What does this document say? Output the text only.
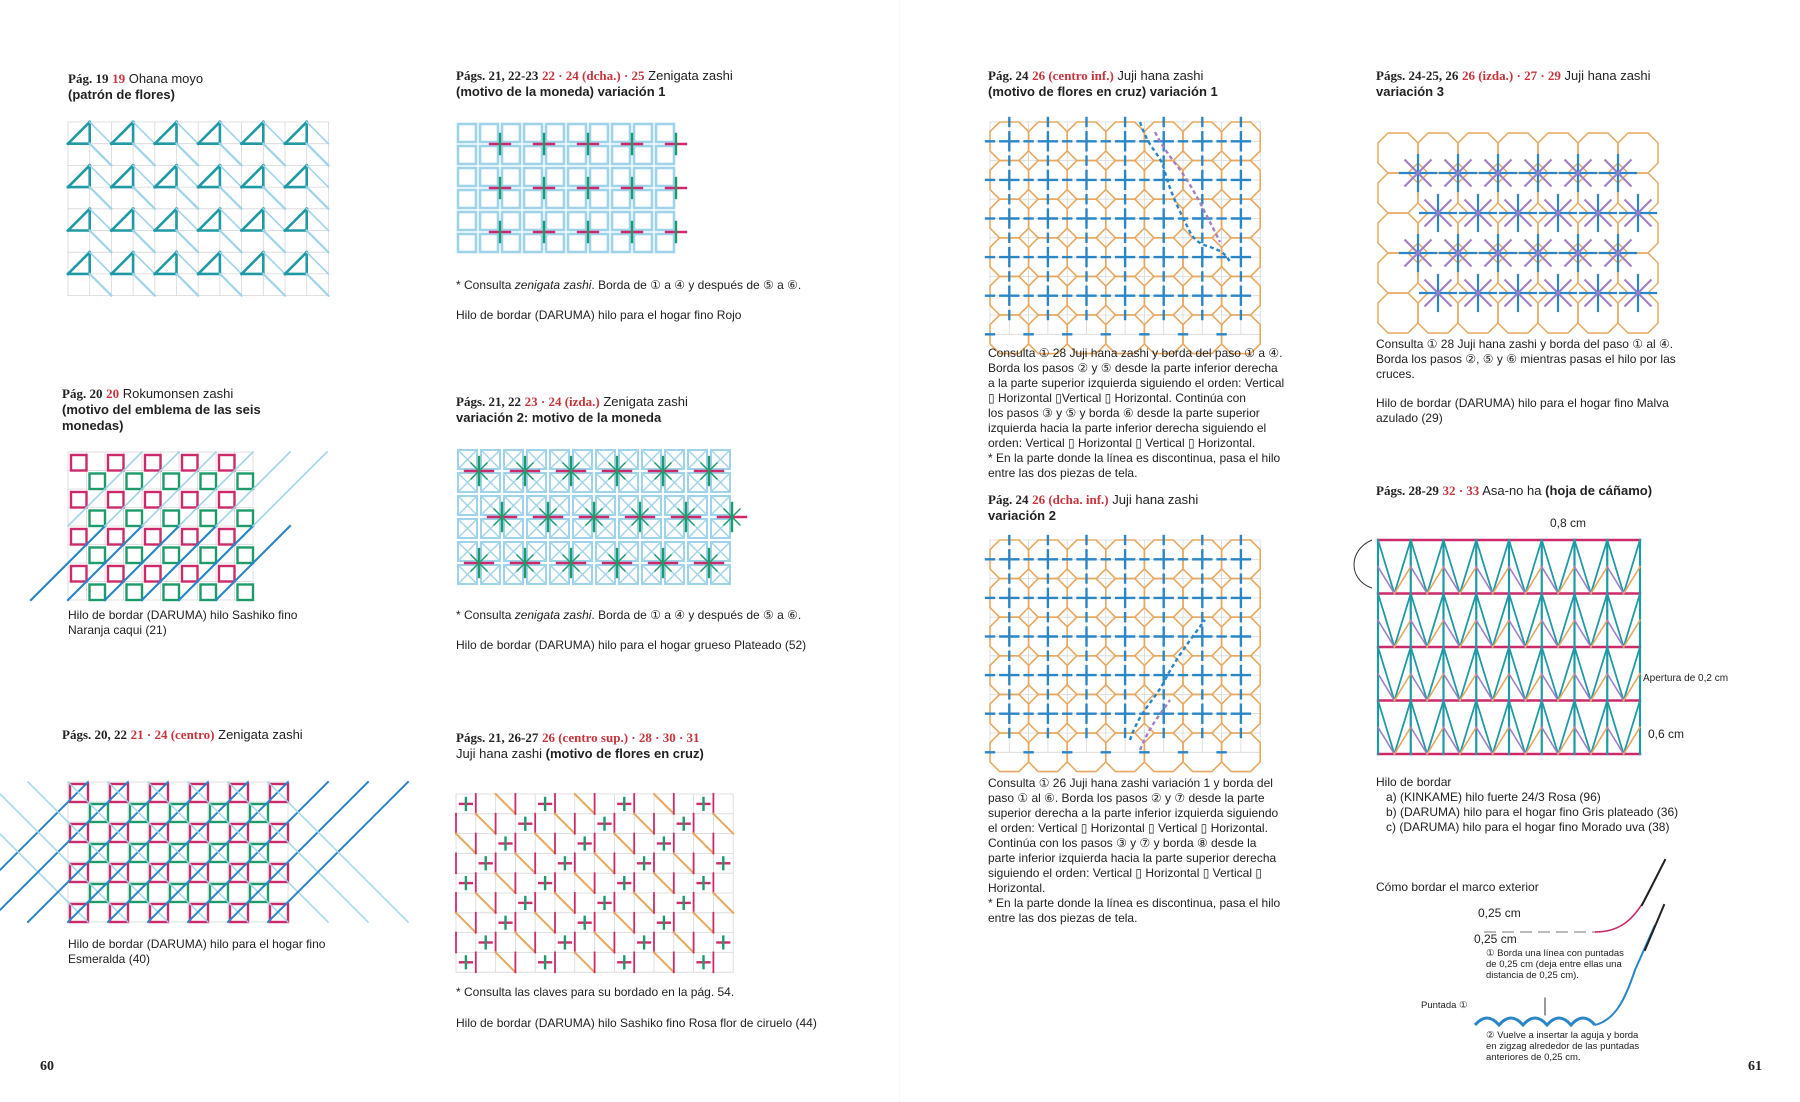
Pág. 19 19 Ohana moyo
(patrón de flores)
Pág. 20 20 Rokumonsen zashi
(motivo del emblema de las seis monedas)
Hilo de bordar (DARUMA) hilo Sashiko fino Naranja caqui (21)
Págs. 20, 22 21 · 24 (centro) Zenigata zashi
Hilo de bordar (DARUMA) hilo para el hogar fino Esmeralda (40)
Págs. 21, 22-23 22 · 24 (dcha.) · 25 Zenigata zashi
(motivo de la moneda) variación 1
* Consulta zenigata zashi. Borda de ① a ④ y después de ⑤ a ⑥.
Hilo de bordar (DARUMA) hilo para el hogar fino Rojo
Págs. 21, 22 23 · 24 (izda.) Zenigata zashi
variación 2: motivo de la moneda
* Consulta zenigata zashi. Borda de ① a ④ y después de ⑤ a ⑥.
Hilo de bordar (DARUMA) hilo para el hogar grueso Plateado (52)
Págs. 21, 26-27 26 (centro sup.) · 28 · 30 · 31
Juji hana zashi (motivo de flores en cruz)
* Consulta las claves para su bordado en la pág. 54.
Hilo de bordar (DARUMA) hilo Sashiko fino Rosa flor de ciruelo (44)
60
Pág. 24 26 (centro inf.) Juji hana zashi
(motivo de flores en cruz) variación 1
Consulta ① 28 Juji hana zashi y borda del paso ① a ④.
Borda los pasos ② y ⑤ desde la parte inferior derecha
a la parte superior izquierda siguiendo el orden: Vertical
▯ Horizontal ▯Vertical ▯ Horizontal. Continúa con
los pasos ③ y ⑤ y borda ⑥ desde la parte superior
izquierda hacia la parte inferior derecha siguiendo el
orden: Vertical ▯ Horizontal ▯ Vertical ▯ Horizontal.
* En la parte donde la línea es discontinua, pasa el hilo
entre las dos piezas de tela.
Pág. 24 26 (dcha. inf.) Juji hana zashi
variación 2
Consulta ① 26 Juji hana zashi variación 1 y borda del
paso ① al ⑥. Borda los pasos ② y ⑦ desde la parte
superior derecha a la parte inferior izquierda siguiendo
el orden: Vertical ▯ Horizontal ▯ Vertical ▯ Horizontal.
Continúa con los pasos ③ y ⑦ y borda ⑧ desde la
parte inferior izquierda hacia la parte superior derecha
siguiendo el orden: Vertical ▯ Horizontal ▯ Vertical ▯
Horizontal.
* En la parte donde la línea es discontinua, pasa el hilo
entre las dos piezas de tela.
Págs. 24-25, 26 26 (izda.) · 27 · 29 Juji hana zashi
variación 3
Consulta ① 28 Juji hana zashi y borda del paso ① al ④.
Borda los pasos ②, ⑤ y ⑥ mientras pasas el hilo por las
cruces.
Hilo de bordar (DARUMA) hilo para el hogar fino Malva
azulado (29)
Págs. 28-29 32 · 33 Asa-no ha (hoja de cáñamo)
0,8 cm
Apertura de 0,2 cm
0,6 cm
Hilo de bordar
a) (KINKAME) hilo fuerte 24/3 Rosa (96)
b) (DARUMA) hilo para el hogar fino Gris plateado (36)
c) (DARUMA) hilo para el hogar fino Morado uva (38)
Cómo bordar el marco exterior
0,25 cm
0,25 cm
① Borda una línea con puntadas
de 0,25 cm (deja entre ellas una
distancia de 0,25 cm).
Puntada ①
② Vuelve a insertar la aguja y borda
en zigzag alrededor de las puntadas
anteriores de 0,25 cm.
61
